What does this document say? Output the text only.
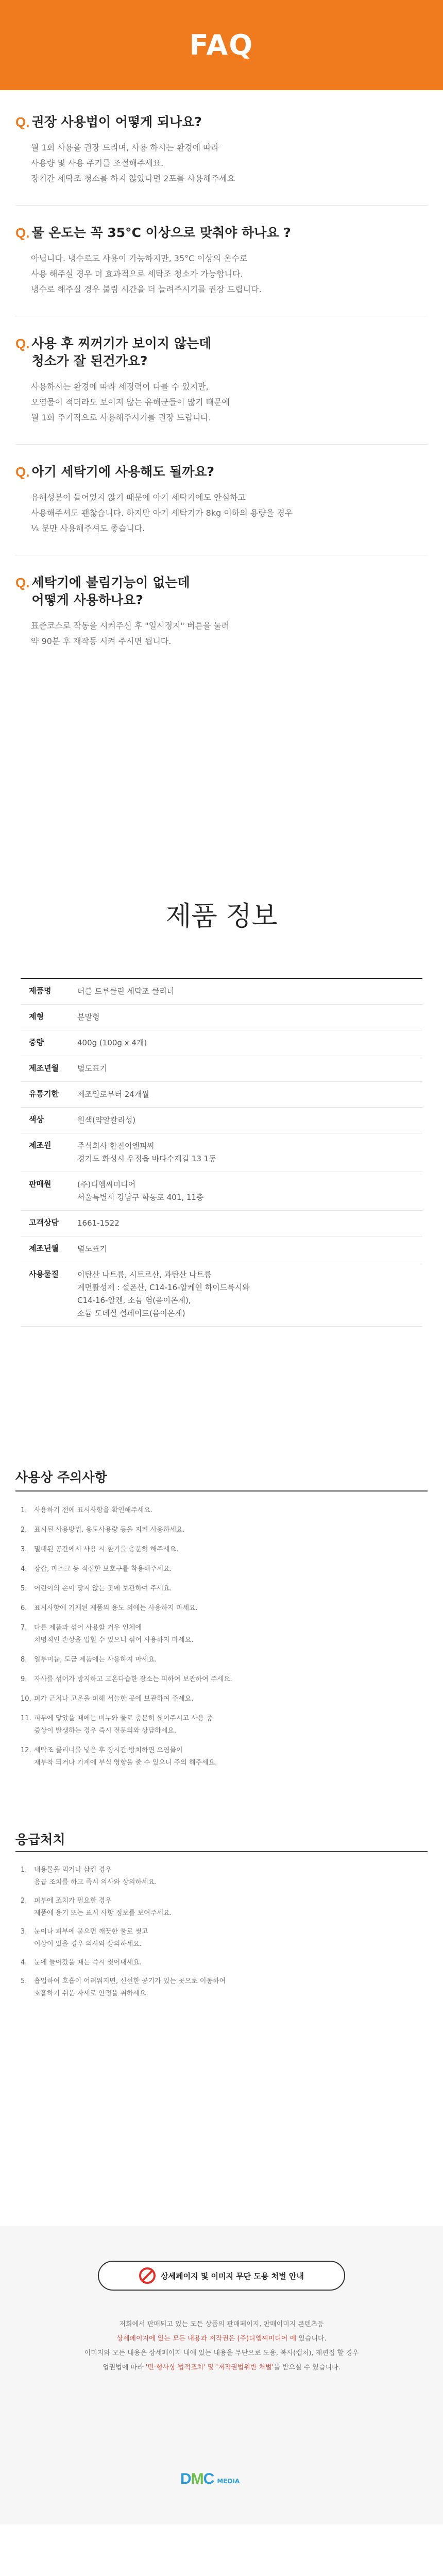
FAQ
Q. 권장 사용법이 어떻게 되나요?
월 1회 사용을 권장 드리며, 사용 하시는 환경에 따라
사용량 및 사용 주기를 조절해주세요.
장기간 세탁조 청소를 하지 않았다면 2포를 사용해주세요
Q. 물 온도는 꼭 35°C 이상으로 맞춰야 하나요 ?
아닙니다. 냉수로도 사용이 가능하지만, 35°C 이상의 온수로
사용 해주실 경우 더 효과적으로 세탁조 청소가 가능합니다.
냉수로 해주실 경우 불림 시간을 더 늘려주시기를 권장 드립니다.
Q. 사용 후 찌꺼기가 보이지 않는데
청소가 잘 된건가요?
사용하시는 환경에 따라 세정력이 다를 수 있지만,
오염물이 적더라도 보이지 않는 유해균들이 많기 때문에
월 1회 주기적으로 사용해주시기를 권장 드립니다.
Q. 아기 세탁기에 사용해도 될까요?
유해성분이 들어있지 않기 때문에 아기 세탁기에도 안심하고
사용해주셔도 괜찮습니다. 하지만 아기 세탁기가 8kg 이하의 용량을 경우
⅓ 분만 사용해주셔도 좋습니다.
Q. 세탁기에 불림기능이 없는데
어떻게 사용하나요?
표준코스로 작동을 시켜주신 후 "일시정지" 버튼을 눌러
약 90분 후 재작동 시켜 주시면 됩니다.
제품 정보
제품명	더블 트루클린 세탁조 클리너
제형	분말형
중량	400g (100g x 4개)
제조년월	별도표기
유통기한	제조일로부터 24개월
색상	원색(약알칼리성)
제조원	주식회사 한진이엔피씨
경기도 화성시 우정읍 바다수제길 13 1동
판매원	(주)디엠씨미디어
서울특별시 강남구 학동로 401, 11층
고객상담	1661-1522
제조년월	별도표기
사용물질	이탄산 나트륨, 시트르산, 과탄산 나트륨
계면활성제 : 설폰산, C14-16-알케인 하이드록시와
C14-16-알켄, 소듐 염(음이온계),
소듐 도데실 설페이트(음이온계)
사용상 주의사항
1.	사용하기 전에 표시사항을 확인해주세요.
2.	표시된 사용방법, 용도사용량 등을 지켜 사용하세요.
3.	밀폐된 공간에서 사용 시 환기를 충분히 해주세요.
4.	장갑, 마스크 등 적절한 보호구를 착용해주세요.
5.	어린이의 손이 닿지 않는 곳에 보관하여 주세요.
6.	표시사항에 기재된 제품의 용도 외에는 사용하지 마세요.
7.	다른 제품과 섞어 사용할 거우 인체에
치명적인 손상을 입힐 수 있으니 섞어 사용하지 마세요.
8.	일루미늄, 도금 제품에는 사용하지 마세요.
9.	자사를 섞어가 방지하고 고온다습한 장소는 피하여 보관하여 주세요.
10. 피가 근처나 고온을 피해 서늘한 곳에 보관하여 주세요.
11. 피부에 닿았을 때에는 비누와 물로 충분히 씻어주시고 사용 중
증상이 발생하는 경우 즉시 전문의와 상담하세요.
12. 세탁조 클리너를 넣은 후 장시간 방치하면 오염물이
재부착 되거나 기계에 부식 영향을 줄 수 있으니 주의 해주세요.
응급처치
1.	내용물을 먹거나 삼킨 경우
응급 조치를 하고 즉시 의사와 상의하세요.
2.	피부에 조치가 필요한 경우
제품에 용기 또는 표시 사항 정보를 보여주세요.
3.	눈이나 피부에 묻으면 깨끗한 물로 씻고
이상이 있을 경우 의사와 상의하세요.
4.	눈에 들어갔을 때는 즉시 씻어내세요.
5.	흡입하여 호흡이 어려워지면, 신선한 공기가 있는 곳으로 이동하여
호흡하기 쉬운 자세로 안정을 취하세요.
상세페이지 및 이미지 무단 도용 처벌 안내
저희에서 판매되고 있는 모든 상품의 판매페이지, 판매이미지 콘텐츠등
상세페이지에 있는 모든 내용과 저작권은 (주)디엠씨미디어 에 있습니다.
이미지와 모든 내용은 상세페이지 내에 있는 내용을 무단으로 도용, 복사(캡처), 재편집 할 경우
업권법에 따라 '민·형사상 법적조치' 및 '저작권법위반 처벌'을 받으실 수 있습니다.
DMC MEDIA
